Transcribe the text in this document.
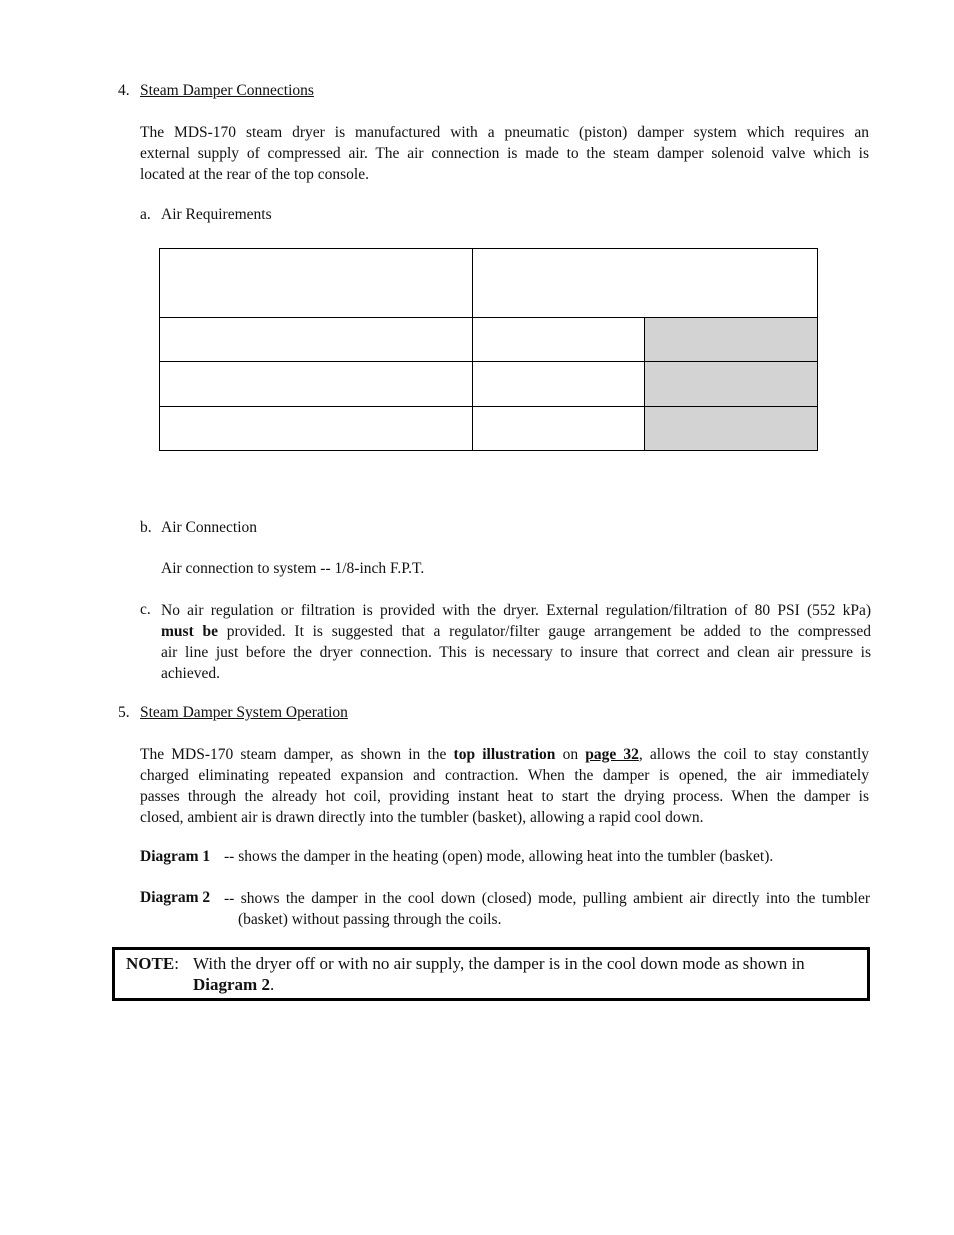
4. Steam Damper Connections
The MDS-170 steam dryer is manufactured with a pneumatic (piston) damper system which requires an
external supply of compressed air. The air connection is made to the steam damper solenoid valve which is
located at the rear of the top console.
a. Air Requirements

b. Air Connection
Air connection to system -- 1/8-inch F.P.T.
c. No air regulation or filtration is provided with the dryer. External regulation/filtration of 80 PSI (552 kPa)
must be provided. It is suggested that a regulator/filter gauge arrangement be added to the compressed
air line just before the dryer connection. This is necessary to insure that correct and clean air pressure is
achieved.
5. Steam Damper System Operation
The MDS-170 steam damper, as shown in the top illustration on page 32, allows the coil to stay constantly
charged eliminating repeated expansion and contraction. When the damper is opened, the air immediately
passes through the already hot coil, providing instant heat to start the drying process. When the damper is
closed, ambient air is drawn directly into the tumbler (basket), allowing a rapid cool down.
Diagram 1 -- shows the damper in the heating (open) mode, allowing heat into the tumbler (basket).
Diagram 2 -- shows the damper in the cool down (closed) mode, pulling ambient air directly into the tumbler
(basket) without passing through the coils.
NOTE: With the dryer off or with no air supply, the damper is in the cool down mode as shown in
Diagram 2.
